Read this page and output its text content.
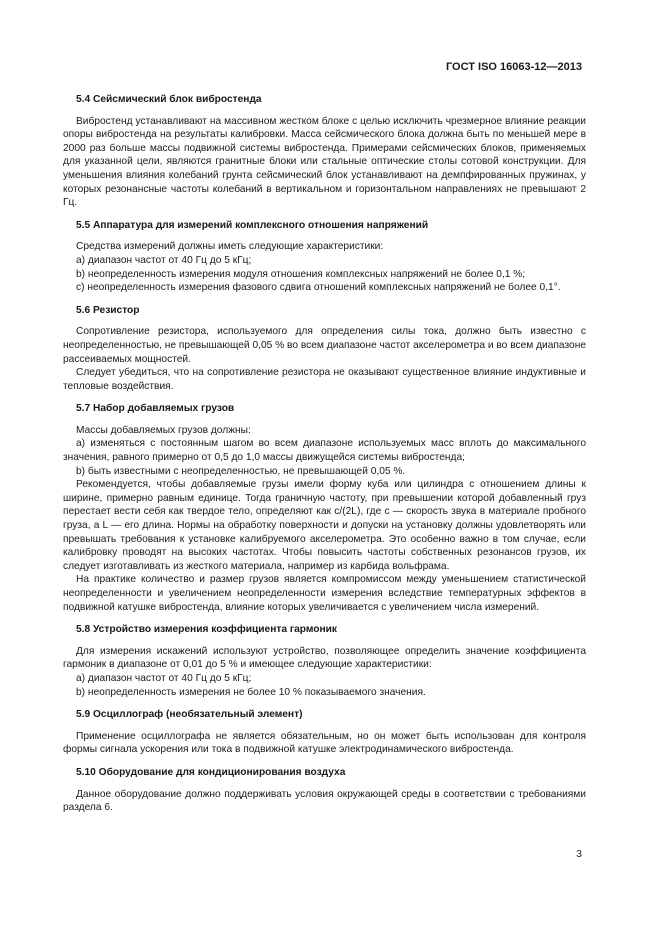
ГОСТ ISO 16063-12—2013
5.4 Сейсмический блок вибростенда

Вибростенд устанавливают на массивном жестком блоке с целью исключить чрезмерное влияние реакции опоры вибростенда на результаты калибровки. Масса сейсмического блока должна быть по меньшей мере в 2000 раз больше массы подвижной системы вибростенда. Примерами сейсмических блоков, применяемых для указанной цели, являются гранитные блоки или стальные оптические столы сотовой конструкции. Для уменьшения влияния колебаний грунта сейсмический блок устанавливают на демпфированных пружинах, у которых резонансные частоты колебаний в вертикальном и горизонтальном направлениях не превышают 2 Гц.

5.5 Аппаратура для измерений комплексного отношения напряжений

Средства измерений должны иметь следующие характеристики:

a) диапазон частот от 40 Гц до 5 кГц;

b) неопределенность измерения модуля отношения комплексных напряжений не более 0,1 %;

c) неопределенность измерения фазового сдвига отношений комплексных напряжений не более 0,1°.

5.6 Резистор

Сопротивление резистора, используемого для определения силы тока, должно быть известно с неопределенностью, не превышающей 0,05 % во всем диапазоне частот акселерометра и во всем диапазоне рассеиваемых мощностей.

Следует убедиться, что на сопротивление резистора не оказывают существенное влияние индуктивные и тепловые воздействия.

5.7 Набор добавляемых грузов

Массы добавляемых грузов должны:

a) изменяться с постоянным шагом во всем диапазоне используемых масс вплоть до максимального значения, равного примерно от 0,5 до 1,0 массы движущейся системы вибростенда;

b) быть известными с неопределенностью, не превышающей 0,05 %.

Рекомендуется, чтобы добавляемые грузы имели форму куба или цилиндра с отношением длины к ширине, примерно равным единице. Тогда граничную частоту, при превышении которой добавленный груз перестает вести себя как твердое тело, определяют как c/(2L), где c — скорость звука в материале пробного груза, а L — его длина. Нормы на обработку поверхности и допуски на установку должны удовлетворять или превышать требования к установке калибруемого акселерометра. Это особенно важно в том случае, если калибровку проводят на высоких частотах. Чтобы повысить частоты собственных резонансов грузов, их следует изготавливать из жесткого материала, например из карбида вольфрама.

На практике количество и размер грузов является компромиссом между уменьшением статистической неопределенности и увеличением неопределенности измерения вследствие температурных эффектов в подвижной катушке вибростенда, влияние которых увеличивается с увеличением числа измерений.

5.8 Устройство измерения коэффициента гармоник

Для измерения искажений используют устройство, позволяющее определить значение коэффициента гармоник в диапазоне от 0,01 до 5 % и имеющее следующие характеристики:

a) диапазон частот от 40 Гц до 5 кГц;

b) неопределенность измерения не более 10 % показываемого значения.

5.9 Осциллограф (необязательный элемент)

Применение осциллографа не является обязательным, но он может быть использован для контроля формы сигнала ускорения или тока в подвижной катушке электродинамического вибростенда.

5.10 Оборудование для кондиционирования воздуха

Данное оборудование должно поддерживать условия окружающей среды в соответствии с требованиями раздела 6.

3
